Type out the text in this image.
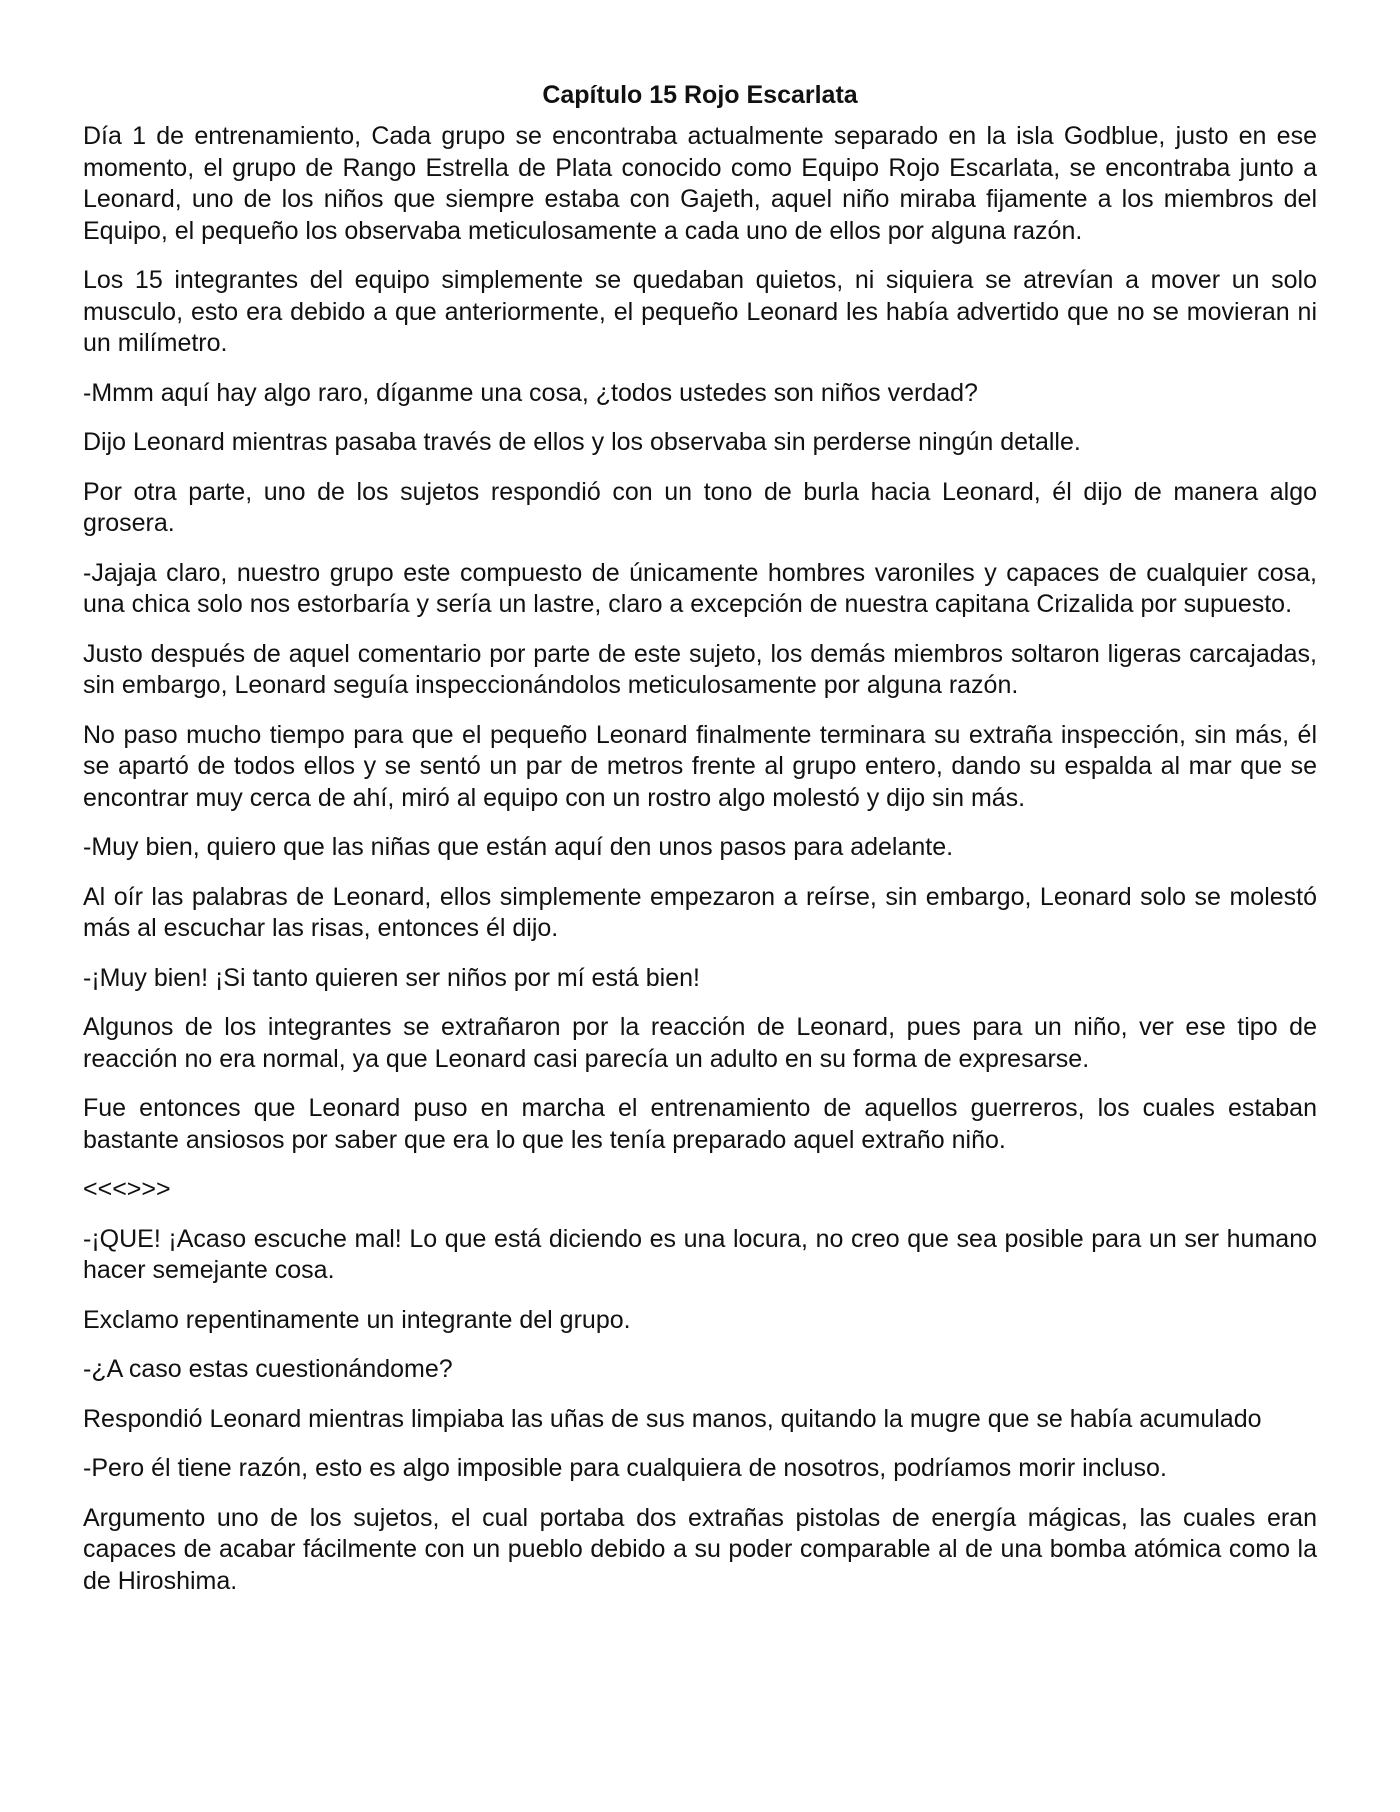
Capítulo 15 Rojo Escarlata

Día 1 de entrenamiento, Cada grupo se encontraba actualmente separado en la isla Godblue, justo en ese momento, el grupo de Rango Estrella de Plata conocido como Equipo Rojo Escarlata, se encontraba junto a Leonard, uno de los niños que siempre estaba con Gajeth, aquel niño miraba fijamente a los miembros del Equipo, el pequeño los observaba meticulosamente a cada uno de ellos por alguna razón.

Los 15 integrantes del equipo simplemente se quedaban quietos, ni siquiera se atrevían a mover un solo musculo, esto era debido a que anteriormente, el pequeño Leonard les había advertido que no se movieran ni un milímetro.

-Mmm aquí hay algo raro, díganme una cosa, ¿todos ustedes son niños verdad?

Dijo Leonard mientras pasaba través de ellos y los observaba sin perderse ningún detalle.

Por otra parte, uno de los sujetos respondió con un tono de burla hacia Leonard, él dijo de manera algo grosera.

-Jajaja claro, nuestro grupo este compuesto de únicamente hombres varoniles y capaces de cualquier cosa, una chica solo nos estorbaría y sería un lastre, claro a excepción de nuestra capitana Crizalida por supuesto.

Justo después de aquel comentario por parte de este sujeto, los demás miembros soltaron ligeras carcajadas, sin embargo, Leonard seguía inspeccionándolos meticulosamente por alguna razón.

No paso mucho tiempo para que el pequeño Leonard finalmente terminara su extraña inspección, sin más, él se apartó de todos ellos y se sentó un par de metros frente al grupo entero, dando su espalda al mar que se encontrar muy cerca de ahí, miró al equipo con un rostro algo molestó y dijo sin más.

-Muy bien, quiero que las niñas que están aquí den unos pasos para adelante.

Al oír las palabras de Leonard, ellos simplemente empezaron a reírse, sin embargo, Leonard solo se molestó más al escuchar las risas, entonces él dijo.

-¡Muy bien! ¡Si tanto quieren ser niños por mí está bien!

Algunos de los integrantes se extrañaron por la reacción de Leonard, pues para un niño, ver ese tipo de reacción no era normal, ya que Leonard casi parecía un adulto en su forma de expresarse.

Fue entonces que Leonard puso en marcha el entrenamiento de aquellos guerreros, los cuales estaban bastante ansiosos por saber que era lo que les tenía preparado aquel extraño niño.

<<<>>>

-¡QUE! ¡Acaso escuche mal! Lo que está diciendo es una locura, no creo que sea posible para un ser humano hacer semejante cosa.

Exclamo repentinamente un integrante del grupo.

-¿A caso estas cuestionándome?

Respondió Leonard mientras limpiaba las uñas de sus manos, quitando la mugre que se había acumulado

-Pero él tiene razón, esto es algo imposible para cualquiera de nosotros, podríamos morir incluso.

Argumento uno de los sujetos, el cual portaba dos extrañas pistolas de energía mágicas, las cuales eran capaces de acabar fácilmente con un pueblo debido a su poder comparable al de una bomba atómica como la de Hiroshima.
